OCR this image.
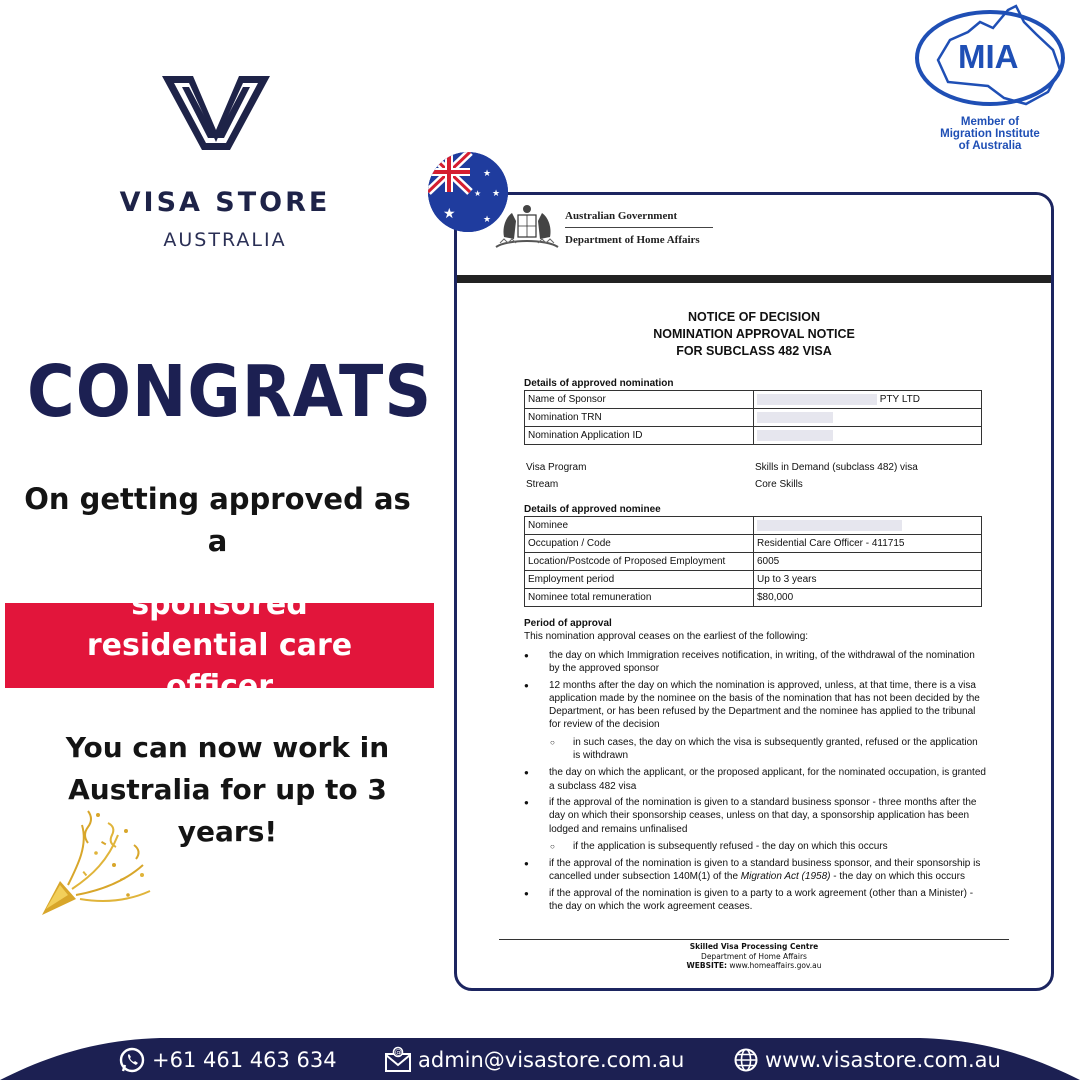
VISA STORE
AUSTRALIA
MIA
Member of
Migration Institute
of Australia
CONGRATS
On getting approved as a
sponsored residential care officer
You can now work in Australia for up to 3 years!
★
★
★
★
★
Australian Government
Department of Home Affairs
NOTICE OF DECISION
NOMINATION APPROVAL NOTICE
FOR SUBCLASS 482 VISA
Details of approved nomination
Name of Sponsor	PTY LTD
Nomination TRN	
Nomination Application ID	
Visa Program	Skills in Demand (subclass 482) visa
Stream	Core Skills
Details of approved nominee
Nominee	
Occupation / Code	Residential Care Officer - 411715
Location/Postcode of Proposed Employment	6005
Employment period	Up to 3 years
Nominee total remuneration	$80,000
Period of approval
This nomination approval ceases on the earliest of the following:
● the day on which Immigration receives notification, in writing, of the withdrawal of the nomination by the approved sponsor
● 12 months after the day on which the nomination is approved, unless, at that time, there is a visa application made by the nominee on the basis of the nomination that has not been decided by the Department, or has been refused by the Department and the nominee has applied to the tribunal for review of the decision
○ in such cases, the day on which the visa is subsequently granted, refused or the application is withdrawn
● the day on which the applicant, or the proposed applicant, for the nominated occupation, is granted a subclass 482 visa
● if the approval of the nomination is given to a standard business sponsor - three months after the day on which their sponsorship ceases, unless on that day, a sponsorship application has been lodged and remains unfinalised
○ if the application is subsequently refused - the day on which this occurs
● if the approval of the nomination is given to a standard business sponsor, and their sponsorship is cancelled under subsection 140M(1) of the Migration Act (1958) - the day on which this occurs
● if the approval of the nomination is given to a party to a work agreement (other than a Minister) - the day on which the work agreement ceases.
Skilled Visa Processing Centre
Department of Home Affairs
WEBSITE: www.homeaffairs.gov.au
+61 461 463 634	@ admin@visastore.com.au	www.visastore.com.au
